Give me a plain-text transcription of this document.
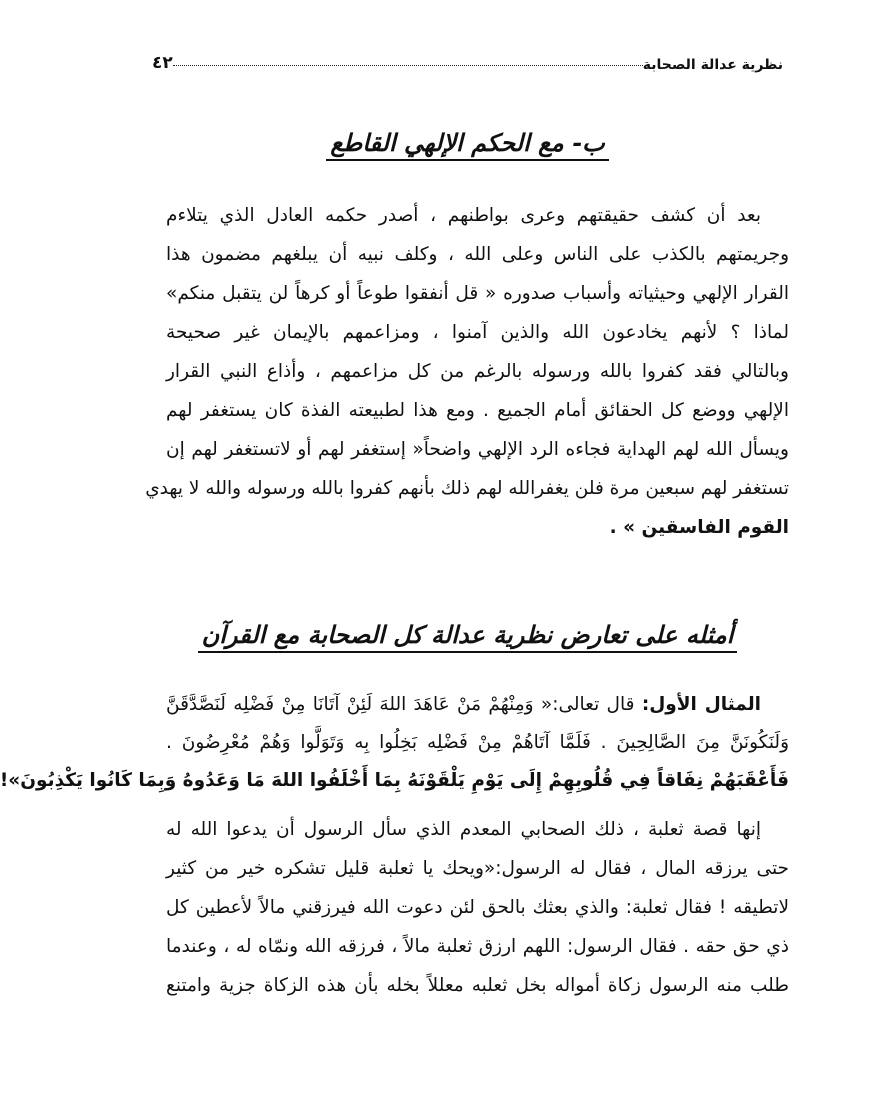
نظرية عدالة الصحابة
٤٢
ب- مع الحكم الإلهي القاطع
بعد أن كشف حقيقتهم وعرى بواطنهم ، أصدر حكمه العادل الذي يتلاءم
وجريمتهم بالكذب على الناس وعلى الله ، وكلف نبيه أن يبلغهم مضمون هذا
القرار الإلهي وحيثياته وأسباب صدوره « قل أنفقوا طوعاً أو كرهاً لن يتقبل منكم»
لماذا ؟ لأنهم يخادعون الله والذين آمنوا ، ومزاعمهم بالإيمان غير صحيحة
وبالتالي فقد كفروا بالله ورسوله بالرغم من كل مزاعمهم ، وأذاع النبي القرار
الإلهي ووضع كل الحقائق أمام الجميع . ومع هذا لطبيعته الفذة كان يستغفر لهم
ويسأل الله لهم الهداية فجاءه الرد الإلهي واضحاً« إستغفر لهم أو لاتستغفر لهم إن
تستغفر لهم سبعين مرة فلن يغفرالله لهم ذلك بأنهم كفروا بالله ورسوله والله لا يهدي
القوم الفاسقين » .
أمثله على تعارض نظرية عدالة كل الصحابة مع القرآن
المثال الأول: قال تعالى:« وَمِنْهُمْ مَنْ عَاهَدَ اللهَ لَئِنْ آتَانَا مِنْ فَضْلِه لَنَصَّدَّقَنَّ
وَلَنَكُونَنَّ مِنَ الصَّالِحِينَ . فَلَمَّا آتَاهُمْ مِنْ فَضْلِه بَخِلُوا بِه وَتَوَلَّوا وَهُمْ مُعْرِضُونَ .
فَأَعْقَبَهُمْ نِفَاقاً فِي قُلُوبِهِمْ إِلَى يَوْمِ يَلْقَوْنَهُ بِمَا أَخْلَفُوا اللهَ مَا وَعَدُوهُ وَبِمَا كَانُوا يَكْذِبُونَ»!
إنها قصة ثعلبة ، ذلك الصحابي المعدم الذي سأل الرسول أن يدعوا الله له
حتى يرزقه المال ، فقال له الرسول:«ويحك يا ثعلبة قليل تشكره خير من كثير
لاتطيقه ! فقال ثعلبة: والذي بعثك بالحق لئن دعوت الله فيرزقني مالاً لأعطين كل
ذي حق حقه . فقال الرسول: اللهم ارزق ثعلبة مالاً ، فرزقه الله ونمّاه له ، وعندما
طلب منه الرسول زكاة أمواله بخل ثعلبه معللاً بخله بأن هذه الزكاة جزية وامتنع
